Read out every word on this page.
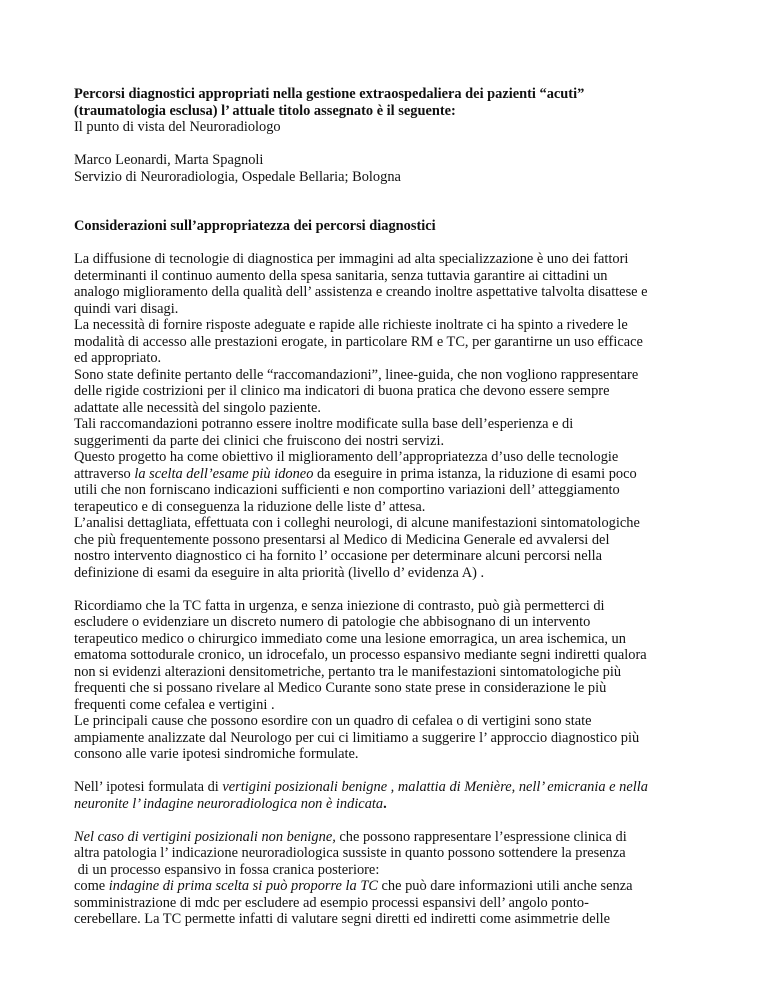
Percorsi diagnostici appropriati nella gestione extraospedaliera dei pazienti “acuti”
(traumatologia esclusa) l’ attuale titolo assegnato è il seguente:
Il punto di vista del Neuroradiologo
Marco Leonardi, Marta Spagnoli
Servizio di Neuroradiologia, Ospedale Bellaria; Bologna
Considerazioni sull’appropriatezza dei percorsi diagnostici
La diffusione di tecnologie di diagnostica per immagini ad alta specializzazione è uno dei fattori
determinanti il continuo aumento della spesa sanitaria, senza tuttavia garantire ai cittadini un
analogo miglioramento della qualità dell’ assistenza e creando inoltre aspettative talvolta disattese e
quindi vari disagi.
La necessità di fornire risposte adeguate e rapide alle richieste inoltrate ci ha spinto a rivedere le
modalità di accesso alle prestazioni erogate, in particolare RM e TC, per garantirne un uso efficace
ed appropriato.
Sono state definite pertanto delle “raccomandazioni”, linee-guida, che non vogliono rappresentare
delle rigide costrizioni per il clinico ma indicatori di buona pratica che devono essere sempre
adattate alle necessità del singolo paziente.
Tali raccomandazioni potranno essere inoltre modificate sulla base dell’esperienza e di
suggerimenti da parte dei clinici che fruiscono dei nostri servizi.
Questo progetto ha come obiettivo il miglioramento dell’appropriatezza d’uso delle tecnologie
attraverso la scelta dell’esame più idoneo da eseguire in prima istanza, la riduzione di esami poco
utili che non forniscano indicazioni sufficienti e non comportino variazioni dell’ atteggiamento
terapeutico e di conseguenza la riduzione delle liste d’ attesa.
L’analisi dettagliata, effettuata con i colleghi neurologi, di alcune manifestazioni sintomatologiche
che più frequentemente possono presentarsi al Medico di Medicina Generale ed avvalersi del
nostro intervento diagnostico ci ha fornito l’ occasione per determinare alcuni percorsi nella
definizione di esami da eseguire in alta priorità (livello d’ evidenza A) .
Ricordiamo che la TC fatta in urgenza, e senza iniezione di contrasto, può già permetterci di
escludere o evidenziare un discreto numero di patologie che abbisognano di un intervento
terapeutico medico o chirurgico immediato come una lesione emorragica, un area ischemica, un
ematoma sottodurale cronico, un idrocefalo, un processo espansivo mediante segni indiretti qualora
non si evidenzi alterazioni densitometriche, pertanto tra le manifestazioni sintomatologiche più
frequenti che si possano rivelare al Medico Curante sono state prese in considerazione le più
frequenti come cefalea e vertigini .
Le principali cause che possono esordire con un quadro di cefalea o di vertigini sono state
ampiamente analizzate dal Neurologo per cui ci limitiamo a suggerire l’ approccio diagnostico più
consono alle varie ipotesi sindromiche formulate.
Nell’ ipotesi formulata di vertigini posizionali benigne , malattia di Menière, nell’ emicrania e nella
neuronite l’ indagine neuroradiologica non è indicata.
Nel caso di vertigini posizionali non benigne, che possono rappresentare l’espressione clinica di
altra patologia l’ indicazione neuroradiologica sussiste in quanto possono sottendere la presenza
di un processo espansivo in fossa cranica posteriore:
come indagine di prima scelta si può proporre la TC che può dare informazioni utili anche senza
somministrazione di mdc per escludere ad esempio processi espansivi dell’ angolo ponto-
cerebellare. La TC permette infatti di valutare segni diretti ed indiretti come asimmetrie delle
